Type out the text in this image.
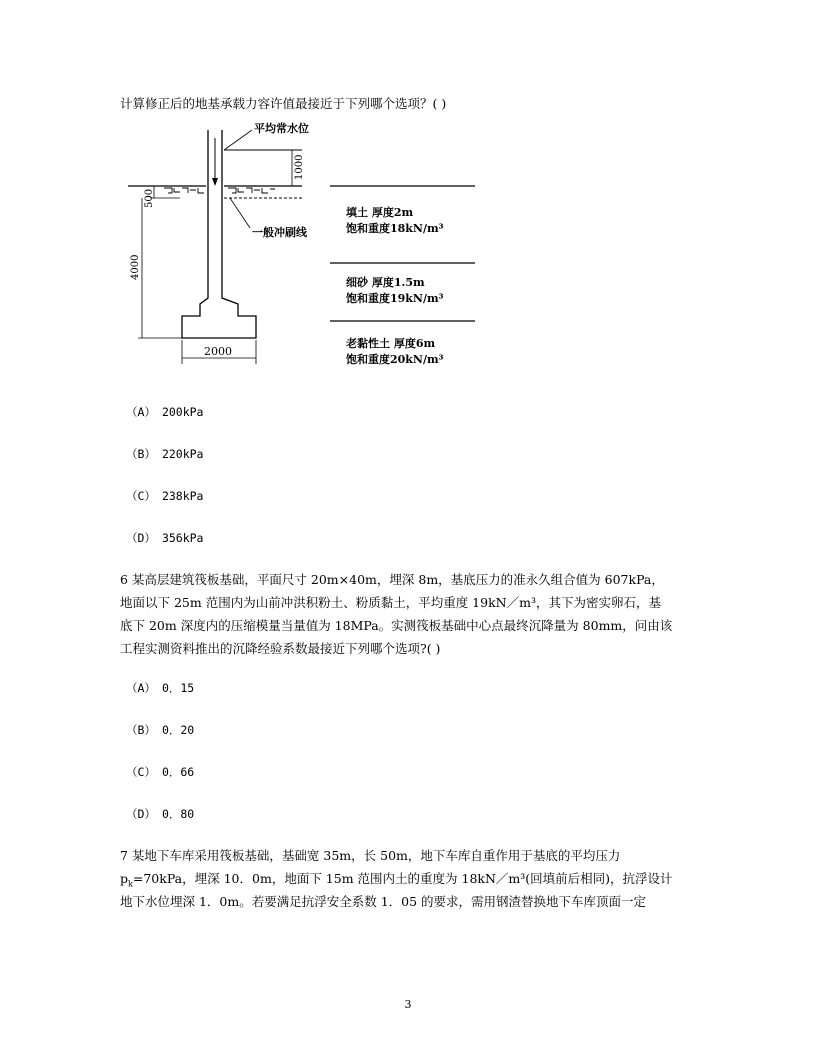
计算修正后的地基承载力容许值最接近于下列哪个选项？( )
平均常水位
一般冲刷线
1000
500
4000
2000
填土 厚度2m
饱和重度18kN/m³
细砂 厚度1.5m
饱和重度19kN/m³
老黏性土 厚度6m
饱和重度20kN/m³
（A） 200kPa
（B） 220kPa
（C） 238kPa
（D） 356kPa
6 某高层建筑筏板基础，平面尺寸 20m×40m，埋深 8m，基底压力的准永久组合值为 607kPa，
地面以下 25m 范围内为山前冲洪积粉土、粉质黏土，平均重度 19kN／m³，其下为密实卵石，基
底下 20m 深度内的压缩模量当量值为 18MPa。实测筏板基础中心点最终沉降量为 80mm，问由该
工程实测资料推出的沉降经验系数最接近下列哪个选项?( )
（A） 0．15
（B） 0．20
（C） 0．66
（D） 0．80
7 某地下车库采用筏板基础，基础宽 35m，长 50m，地下车库自重作用于基底的平均压力
$p_k=70kPa$，埋深 10．0m，地面下 15m 范围内土的重度为 18kN／m³(回填前后相同)，抗浮设计
地下水位埋深 1．0m。若要满足抗浮安全系数 1．05 的要求，需用钢渣替换地下车库顶面一定
3
